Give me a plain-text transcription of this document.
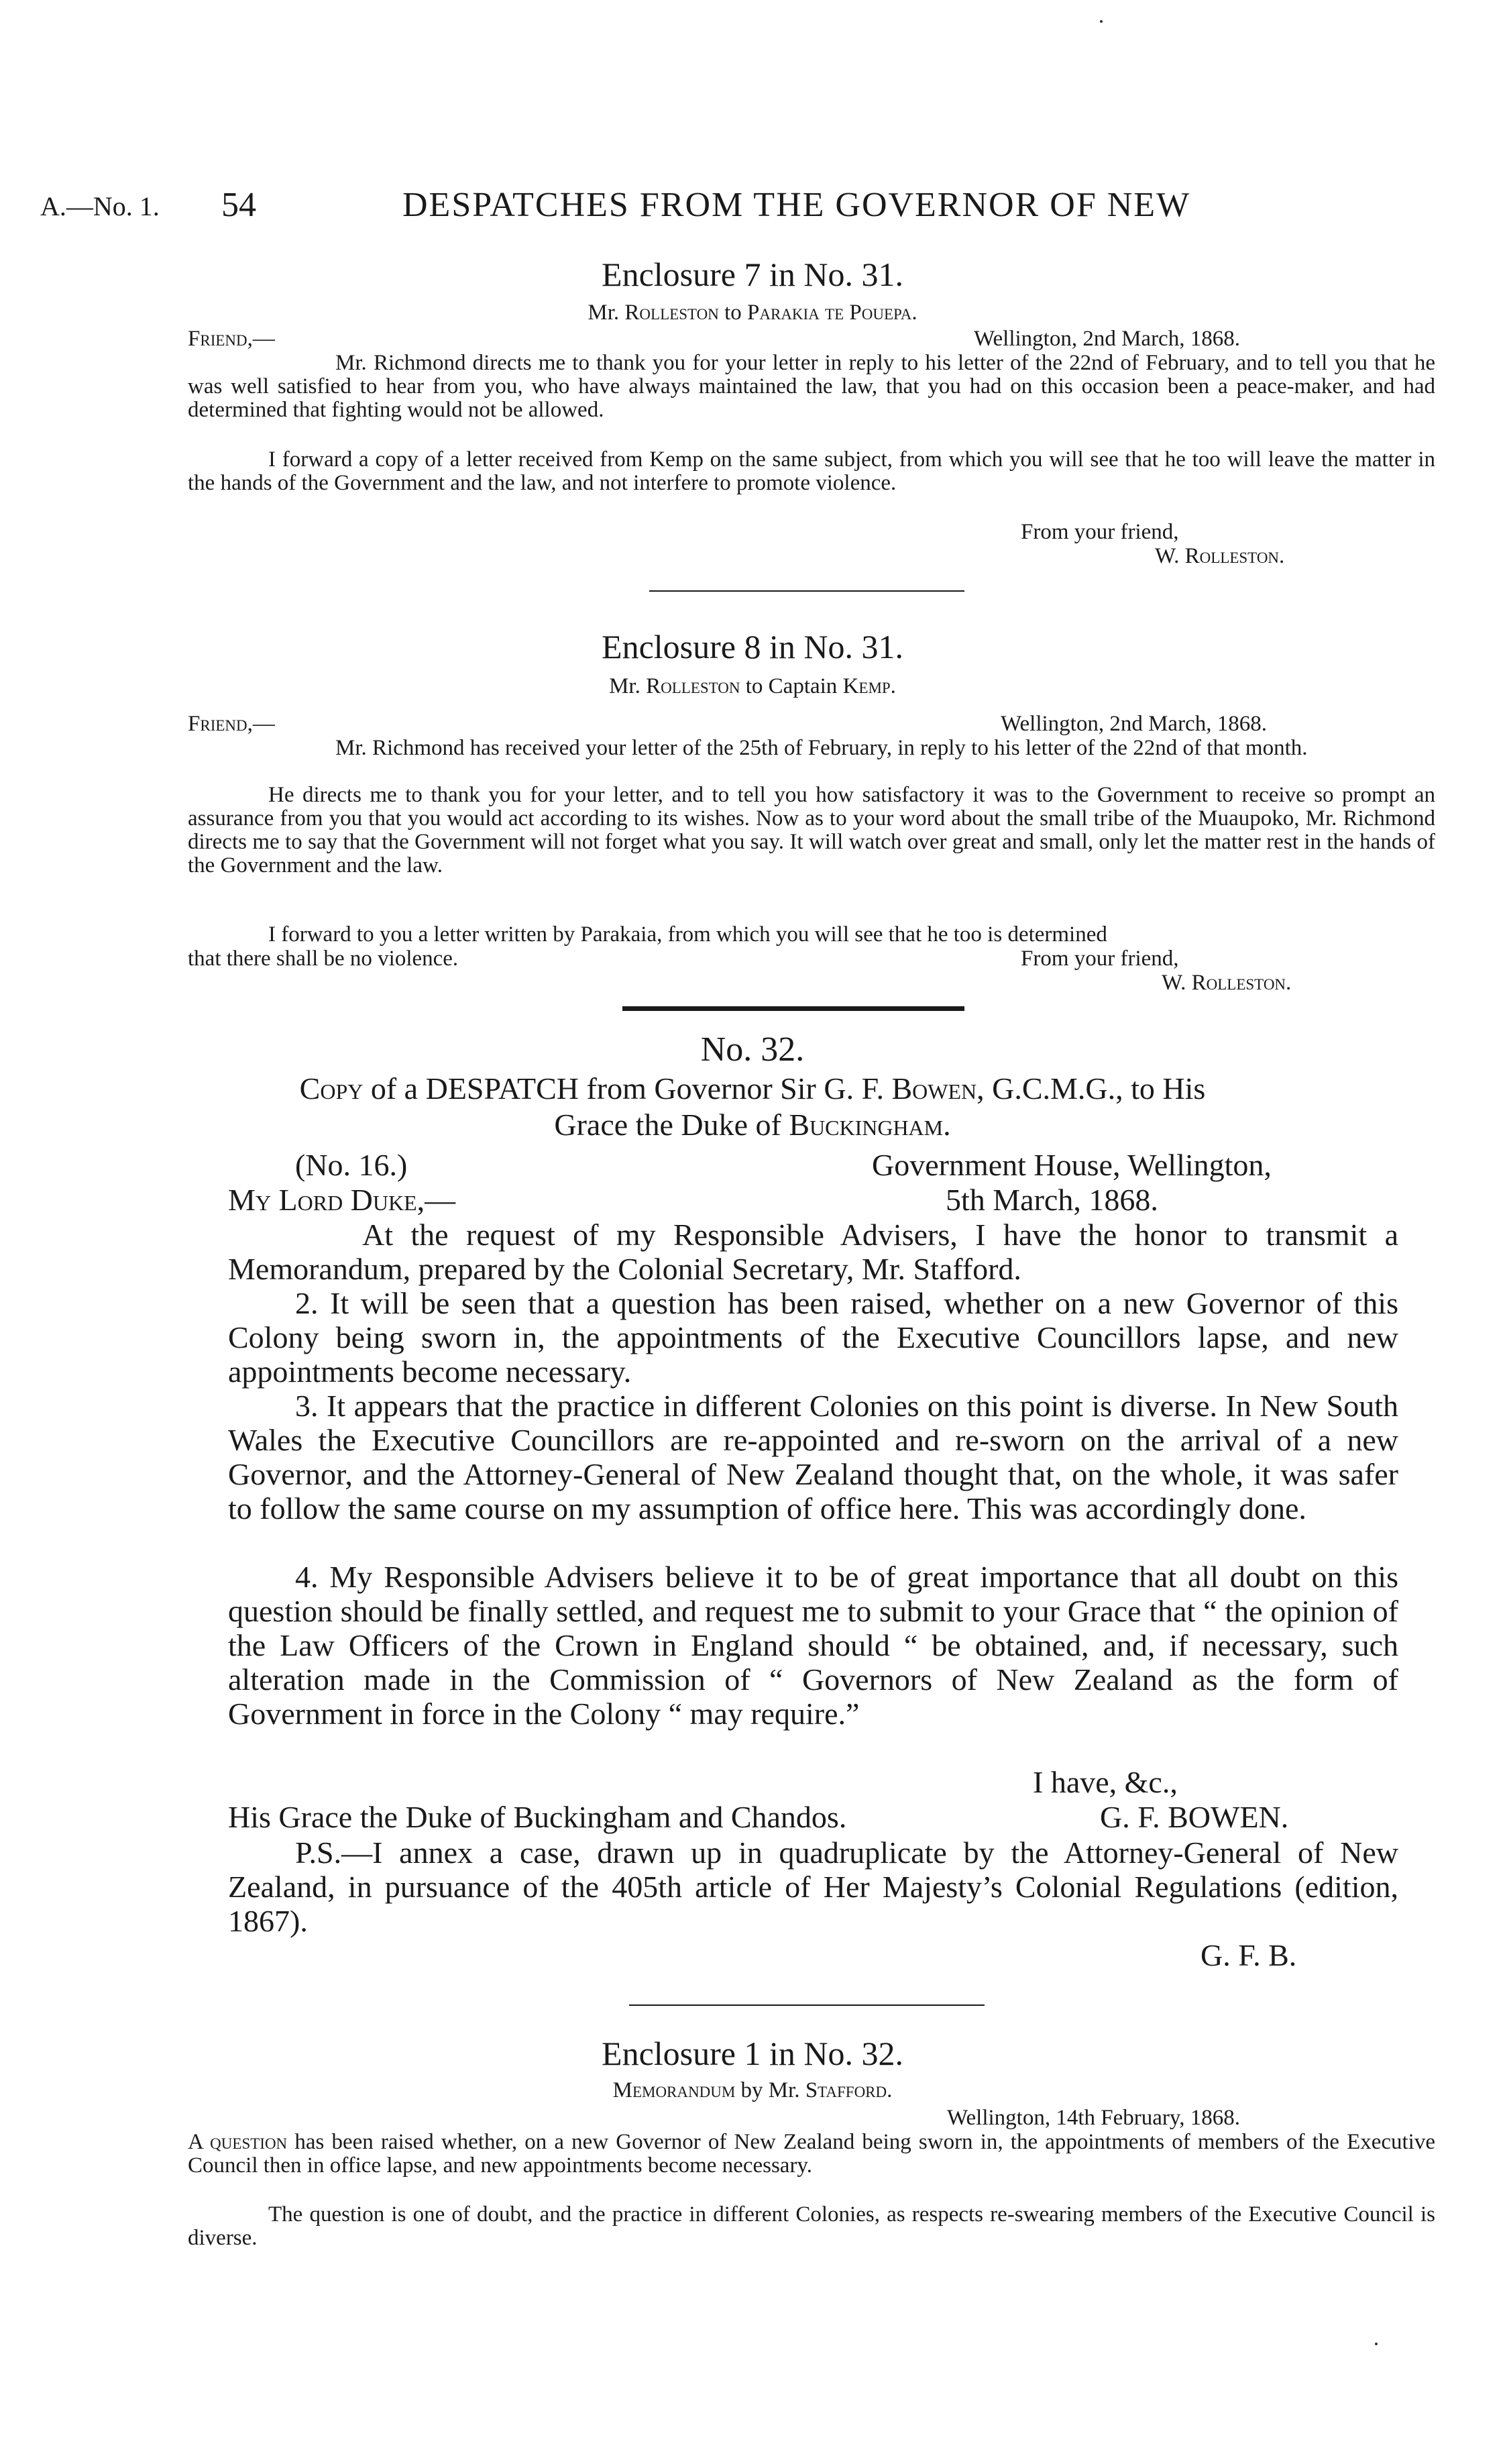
A.—No. 1. 54	DESPATCHES FROM THE GOVERNOR OF NEW
Enclosure 7 in No. 31.
Mr. Rolleston to Parakia te Pouepa.
Friend,—	Wellington, 2nd March, 1868.
Mr. Richmond directs me to thank you for your letter in reply to his letter of the 22nd of February, and to tell you that he was well satisfied to hear from you, who have always maintained the law, that you had on this occasion been a peace-maker, and had determined that fighting would not be allowed.
I forward a copy of a letter received from Kemp on the same subject, from which you will see that he too will leave the matter in the hands of the Government and the law, and not interfere to promote violence.
From your friend,
W. Rolleston.
Enclosure 8 in No. 31.
Mr. Rolleston to Captain Kemp.
Friend,—	Wellington, 2nd March, 1868.
Mr. Richmond has received your letter of the 25th of February, in reply to his letter of the 22nd of that month.
He directs me to thank you for your letter, and to tell you how satisfactory it was to the Government to receive so prompt an assurance from you that you would act according to its wishes. Now as to your word about the small tribe of the Muaupoko, Mr. Richmond directs me to say that the Government will not forget what you say. It will watch over great and small, only let the matter rest in the hands of the Government and the law.
I forward to you a letter written by Parakaia, from which you will see that he too is determined
that there shall be no violence.	From your friend,
W. Rolleston.
No. 32.
Copy of a DESPATCH from Governor Sir G. F. Bowen, G.C.M.G., to His
Grace the Duke of Buckingham.
(No. 16.)	Government House, Wellington,
My Lord Duke,—	5th March, 1868.
At the request of my Responsible Advisers, I have the honor to transmit a Memorandum, prepared by the Colonial Secretary, Mr. Stafford.
2. It will be seen that a question has been raised, whether on a new Governor of this Colony being sworn in, the appointments of the Executive Councillors lapse, and new appointments become necessary.
3. It appears that the practice in different Colonies on this point is diverse. In New South Wales the Executive Councillors are re-appointed and re-sworn on the arrival of a new Governor, and the Attorney-General of New Zealand thought that, on the whole, it was safer to follow the same course on my assumption of office here. This was accordingly done.
4. My Responsible Advisers believe it to be of great importance that all doubt on this question should be finally settled, and request me to submit to your Grace that “ the opinion of the Law Officers of the Crown in England should “ be obtained, and, if necessary, such alteration made in the Commission of “ Governors of New Zealand as the form of Government in force in the Colony “ may require.”
I have, &c.,
His Grace the Duke of Buckingham and Chandos.	G. F. BOWEN.
P.S.—I annex a case, drawn up in quadruplicate by the Attorney-General of New Zealand, in pursuance of the 405th article of Her Majesty’s Colonial Regulations (edition, 1867).
G. F. B.
Enclosure 1 in No. 32.
Memorandum by Mr. Stafford.
Wellington, 14th February, 1868.
A question has been raised whether, on a new Governor of New Zealand being sworn in, the appointments of members of the Executive Council then in office lapse, and new appointments become necessary.
The question is one of doubt, and the practice in different Colonies, as respects re-swearing members of the Executive Council is diverse.
